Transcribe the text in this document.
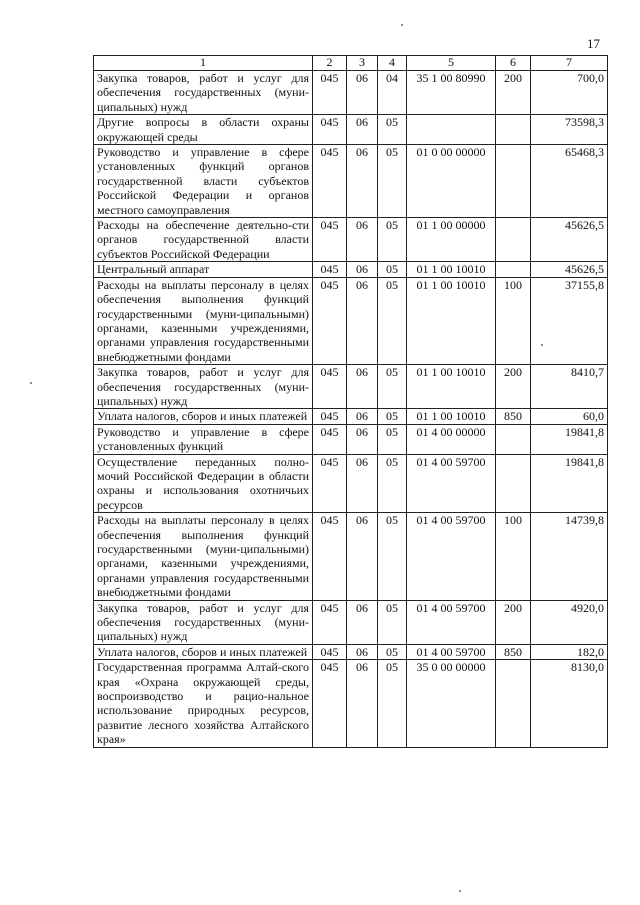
17
1	2	3	4	5	6	7
Закупка товаров, работ и услуг для обеспечения государственных (муни-ципальных) нужд	045	06	04	35 1 00 80990	200	700,0
Другие вопросы в области охраны окружающей среды	045	06	05			73598,3
Руководство и управление в сфере установленных функций органов государственной власти субъектов Российской Федерации и органов местного самоуправления	045	06	05	01 0 00 00000		65468,3
Расходы на обеспечение деятельно-сти органов государственной власти субъектов Российской Федерации	045	06	05	01 1 00 00000		45626,5
Центральный аппарат	045	06	05	01 1 00 10010		45626,5
Расходы на выплаты персоналу в целях обеспечения выполнения функций государственными (муни-ципальными) органами, казенными учреждениями, органами управления государственными внебюджетными фондами	045	06	05	01 1 00 10010	100	37155,8
Закупка товаров, работ и услуг для обеспечения государственных (муни-ципальных) нужд	045	06	05	01 1 00 10010	200	8410,7
Уплата налогов, сборов и иных платежей	045	06	05	01 1 00 10010	850	60,0
Руководство и управление в сфере установленных функций	045	06	05	01 4 00 00000		19841,8
Осуществление переданных полно-мочий Российской Федерации в области охраны и использования охотничьих ресурсов	045	06	05	01 4 00 59700		19841,8
Расходы на выплаты персоналу в целях обеспечения выполнения функций государственными (муни-ципальными) органами, казенными учреждениями, органами управления государственными внебюджетными фондами	045	06	05	01 4 00 59700	100	14739,8
Закупка товаров, работ и услуг для обеспечения государственных (муни-ципальных) нужд	045	06	05	01 4 00 59700	200	4920,0
Уплата налогов, сборов и иных платежей	045	06	05	01 4 00 59700	850	182,0
Государственная программа Алтай-ского края «Охрана окружающей среды, воспроизводство и рацио-нальное использование природных ресурсов, развитие лесного хозяйства Алтайского края»	045	06	05	35 0 00 00000		8130,0
